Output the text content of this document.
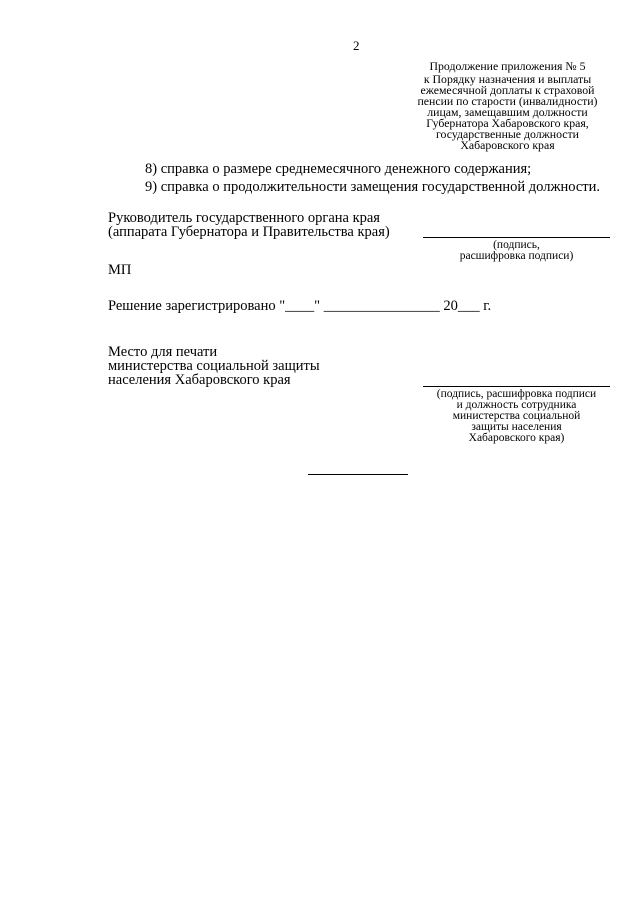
2
Продолжение приложения № 5
к Порядку назначения и выплаты
ежемесячной доплаты к страховой
пенсии по старости (инвалидности)
лицам, замещавшим должности
Губернатора Хабаровского края,
государственные должности
Хабаровского края
8) справка о размере среднемесячного денежного содержания;
9) справка о продолжительности замещения государственной должности.
Руководитель государственного органа края
(аппарата Губернатора и Правительства края)
(подпись,
расшифровка подписи)
МП
Решение зарегистрировано "____" ________________ 20___ г.
Место для печати
министерства социальной защиты
населения Хабаровского края
(подпись, расшифровка подписи
и должность сотрудника
министерства социальной
защиты населения
Хабаровского края)
